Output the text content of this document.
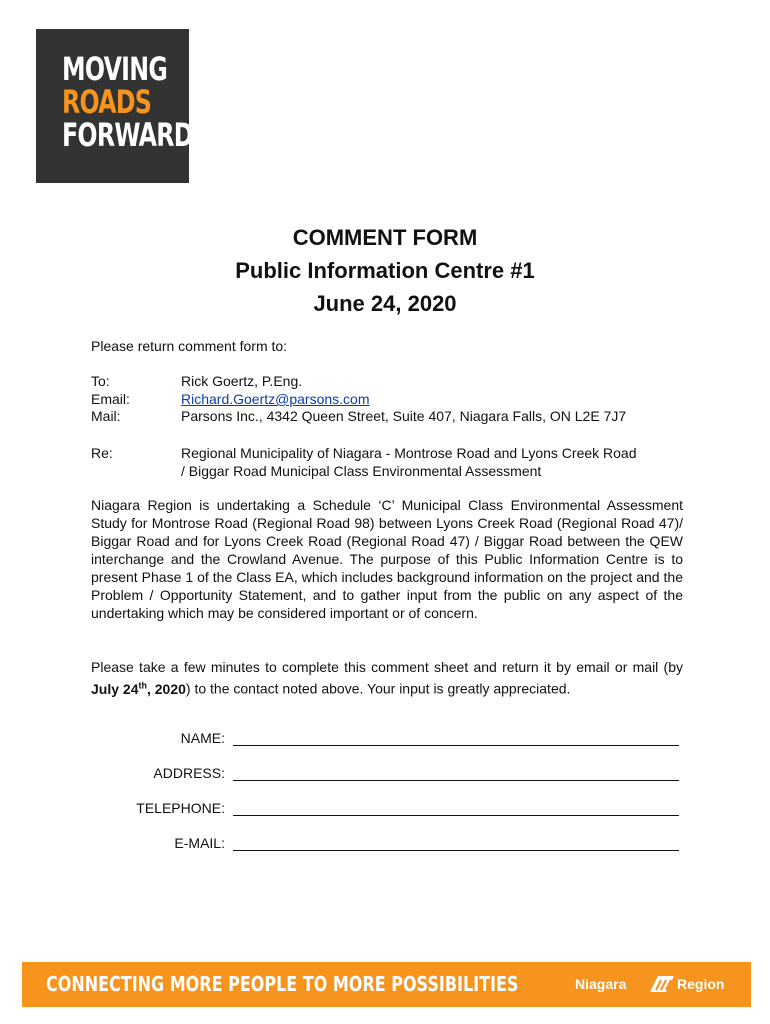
MOVING
ROADS
FORWARD
COMMENT FORM
Public Information Centre #1
June 24, 2020
Please return comment form to:
To:	Rick Goertz, P.Eng.
Email:	Richard.Goertz@parsons.com
Mail:	Parsons Inc., 4342 Queen Street, Suite 407, Niagara Falls, ON L2E 7J7
Re:	Regional Municipality of Niagara - Montrose Road and Lyons Creek Road
/ Biggar Road Municipal Class Environmental Assessment
Niagara Region is undertaking a Schedule ‘C’ Municipal Class Environmental Assessment Study for Montrose Road (Regional Road 98) between Lyons Creek Road (Regional Road 47)/ Biggar Road and for Lyons Creek Road (Regional Road 47) / Biggar Road between the QEW interchange and the Crowland Avenue. The purpose of this Public Information Centre is to present Phase 1 of the Class EA, which includes background information on the project and the Problem / Opportunity Statement, and to gather input from the public on any aspect of the undertaking which may be considered important or of concern.
Please take a few minutes to complete this comment sheet and return it by email or mail (by July 24th, 2020) to the contact noted above. Your input is greatly appreciated.
NAME:
ADDRESS:
TELEPHONE:
E-MAIL:
CONNECTING MORE PEOPLE TO MORE POSSIBILITIES	Niagara	Region
